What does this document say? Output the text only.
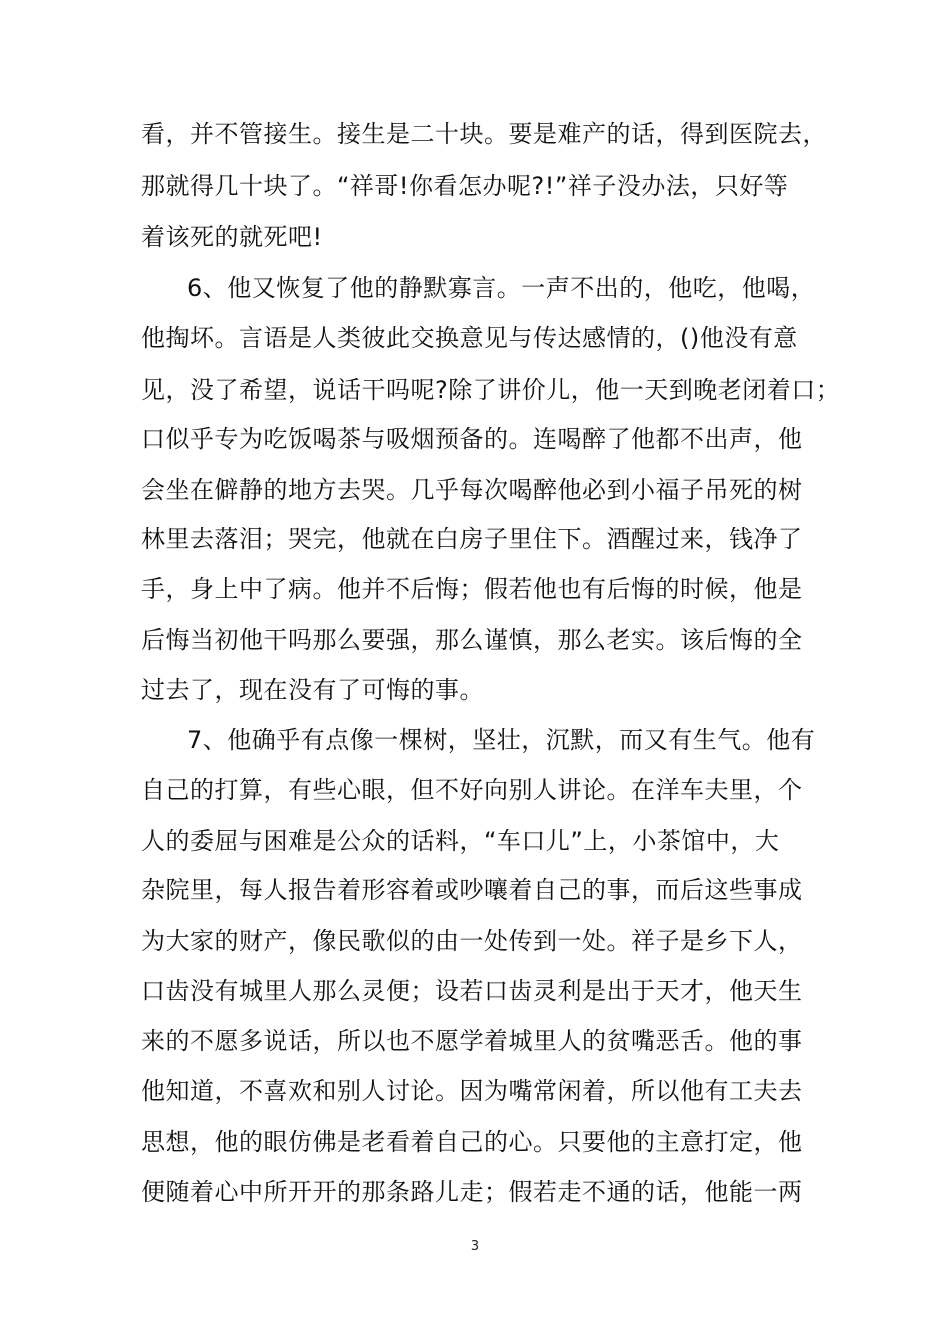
看，并不管接生。接生是二十块。要是难产的话，得到医院去，
那就得几十块了。“祥哥!你看怎办呢?!”祥子没办法，只好等
着该死的就死吧!
6、他又恢复了他的静默寡言。一声不出的，他吃，他喝，
他掏坏。言语是人类彼此交换意见与传达感情的，()他没有意
见，没了希望，说话干吗呢?除了讲价儿，他一天到晚老闭着口；
口似乎专为吃饭喝茶与吸烟预备的。连喝醉了他都不出声，他
会坐在僻静的地方去哭。几乎每次喝醉他必到小福子吊死的树
林里去落泪；哭完，他就在白房子里住下。酒醒过来，钱净了
手，身上中了病。他并不后悔；假若他也有后悔的时候，他是
后悔当初他干吗那么要强，那么谨慎，那么老实。该后悔的全
过去了，现在没有了可悔的事。
7、他确乎有点像一棵树，坚壮，沉默，而又有生气。他有
自己的打算，有些心眼，但不好向别人讲论。在洋车夫里，个
人的委屈与困难是公众的话料，“车口儿”上，小茶馆中，大
杂院里，每人报告着形容着或吵嚷着自己的事，而后这些事成
为大家的财产，像民歌似的由一处传到一处。祥子是乡下人，
口齿没有城里人那么灵便；设若口齿灵利是出于天才，他天生
来的不愿多说话，所以也不愿学着城里人的贫嘴恶舌。他的事
他知道，不喜欢和别人讨论。因为嘴常闲着，所以他有工夫去
思想，他的眼仿佛是老看着自己的心。只要他的主意打定，他
便随着心中所开开的那条路儿走；假若走不通的话，他能一两
3
